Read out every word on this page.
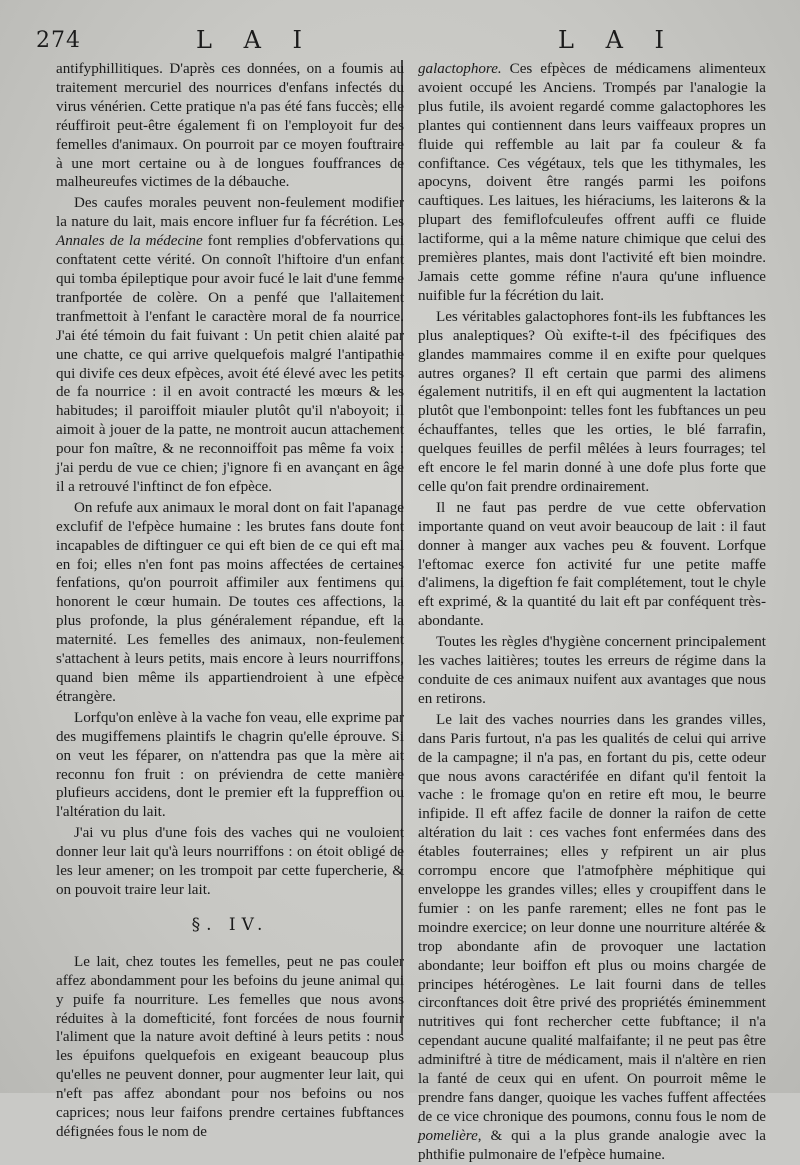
274	L A I	L A I

antifyphillitiques. D'après ces données, on a foumis au traitement mercuriel des nourrices d'enfans infectés du virus vénérien. Cette pratique n'a pas été fans fuccès; elle réuffiroit peut-être également fi on l'employoit fur des femelles d'animaux. On pourroit par ce moyen fouftraire à une mort certaine ou à de longues fouffrances de malheureufes victimes de la débauche.

Des caufes morales peuvent non-feulement modifier la nature du lait, mais encore influer fur fa fécrétion. Les Annales de la médecine font remplies d'obfervations qui conftatent cette vérité. On connoît l'hiftoire d'un enfant qui tomba épileptique pour avoir fucé le lait d'une femme tranfportée de colère. On a penfé que l'allaitement tranfmettoit à l'enfant le caractère moral de fa nourrice. J'ai été témoin du fait fuivant : Un petit chien alaité par une chatte, ce qui arrive quelquefois malgré l'antipathie qui divife ces deux efpèces, avoit été élevé avec les petits de fa nourrice : il en avoit contracté les mœurs & les habitudes; il paroiffoit miauler plutôt qu'il n'aboyoit; il aimoit à jouer de la patte, ne montroit aucun attachement pour fon maître, & ne reconnoiffoit pas même fa voix : j'ai perdu de vue ce chien; j'ignore fi en avançant en âge il a retrouvé l'inftinct de fon efpèce.

On refufe aux animaux le moral dont on fait l'apanage exclufif de l'efpèce humaine : les brutes fans doute font incapables de diftinguer ce qui eft bien de ce qui eft mal en foi; elles n'en font pas moins affectées de certaines fenfations, qu'on pourroit affimiler aux fentimens qui honorent le cœur humain. De toutes ces affections, la plus profonde, la plus généralement répandue, eft la maternité. Les femelles des animaux, non-feulement s'attachent à leurs petits, mais encore à leurs nourriffons, quand bien même ils appartiendroient à une efpèce étrangère.

Lorfqu'on enlève à la vache fon veau, elle exprime par des mugiffemens plaintifs le chagrin qu'elle éprouve. Si on veut les féparer, on n'attendra pas que la mère ait reconnu fon fruit : on préviendra de cette manière plufieurs accidens, dont le premier eft la fuppreffion ou l'altération du lait.

J'ai vu plus d'une fois des vaches qui ne vouloient donner leur lait qu'à leurs nourriffons : on étoit obligé de les leur amener; on les trompoit par cette fupercherie, & on pouvoit traire leur lait.

§. IV.

Le lait, chez toutes les femelles, peut ne pas couler affez abondamment pour les befoins du jeune animal qui y puife fa nourriture. Les femelles que nous avons réduites à la domefticité, font forcées de nous fournir l'aliment que la nature avoit deftiné à leurs petits : nous les épuifons quelquefois en exigeant beaucoup plus qu'elles ne peuvent donner, pour augmenter leur lait, qui n'eft pas affez abondant pour nos befoins ou nos caprices; nous leur faifons prendre certaines fubftances défignées fous le nom de

galactophore. Ces efpèces de médicamens alimenteux avoient occupé les Anciens. Trompés par l'analogie la plus futile, ils avoient regardé comme galactophores les plantes qui contiennent dans leurs vaiffeaux propres un fluide qui reffemble au lait par fa couleur & fa confiftance. Ces végétaux, tels que les tithymales, les apocyns, doivent être rangés parmi les poifons cauftiques. Les laitues, les hiéraciums, les laiterons & la plupart des femiflofculeufes offrent auffi ce fluide lactiforme, qui a la même nature chimique que celui des premières plantes, mais dont l'activité eft bien moindre. Jamais cette gomme réfine n'aura qu'une influence nuifible fur la fécrétion du lait.

Les véritables galactophores font-ils les fubftances les plus analeptiques? Où exifte-t-il des fpécifiques des glandes mammaires comme il en exifte pour quelques autres organes? Il eft certain que parmi des alimens également nutritifs, il en eft qui augmentent la lactation plutôt que l'embonpoint: telles font les fubftances un peu échauffantes, telles que les orties, le blé farrafin, quelques feuilles de perfil mêlées à leurs fourrages; tel eft encore le fel marin donné à une dofe plus forte que celle qu'on fait prendre ordinairement.

Il ne faut pas perdre de vue cette obfervation importante quand on veut avoir beaucoup de lait : il faut donner à manger aux vaches peu & fouvent. Lorfque l'eftomac exerce fon activité fur une petite maffe d'alimens, la digeftion fe fait complétement, tout le chyle eft exprimé, & la quantité du lait eft par conféquent très-abondante.

Toutes les règles d'hygiène concernent principalement les vaches laitières; toutes les erreurs de régime dans la conduite de ces animaux nuifent aux avantages que nous en retirons.

Le lait des vaches nourries dans les grandes villes, dans Paris furtout, n'a pas les qualités de celui qui arrive de la campagne; il n'a pas, en fortant du pis, cette odeur que nous avons caractérifée en difant qu'il fentoit la vache : le fromage qu'on en retire eft mou, le beurre infipide. Il eft affez facile de donner la raifon de cette altération du lait : ces vaches font enfermées dans des étables fouterraines; elles y refpirent un air plus corrompu encore que l'atmofphère méphitique qui enveloppe les grandes villes; elles y croupiffent dans le fumier : on les panfe rarement; elles ne font pas le moindre exercice; on leur donne une nourriture altérée & trop abondante afin de provoquer une lactation abondante; leur boiffon eft plus ou moins chargée de principes hétérogènes. Le lait fourni dans de telles circonftances doit être privé des propriétés éminemment nutritives qui font rechercher cette fubftance; il n'a cependant aucune qualité malfaifante; il ne peut pas être adminiftré à titre de médicament, mais il n'altère en rien la fanté de ceux qui en ufent. On pourroit même le prendre fans danger, quoique les vaches fuffent affectées de ce vice chronique des poumons, connu fous le nom de pomelière, & qui a la plus grande analogie avec la phthifie pulmonaire de l'efpèce humaine.
